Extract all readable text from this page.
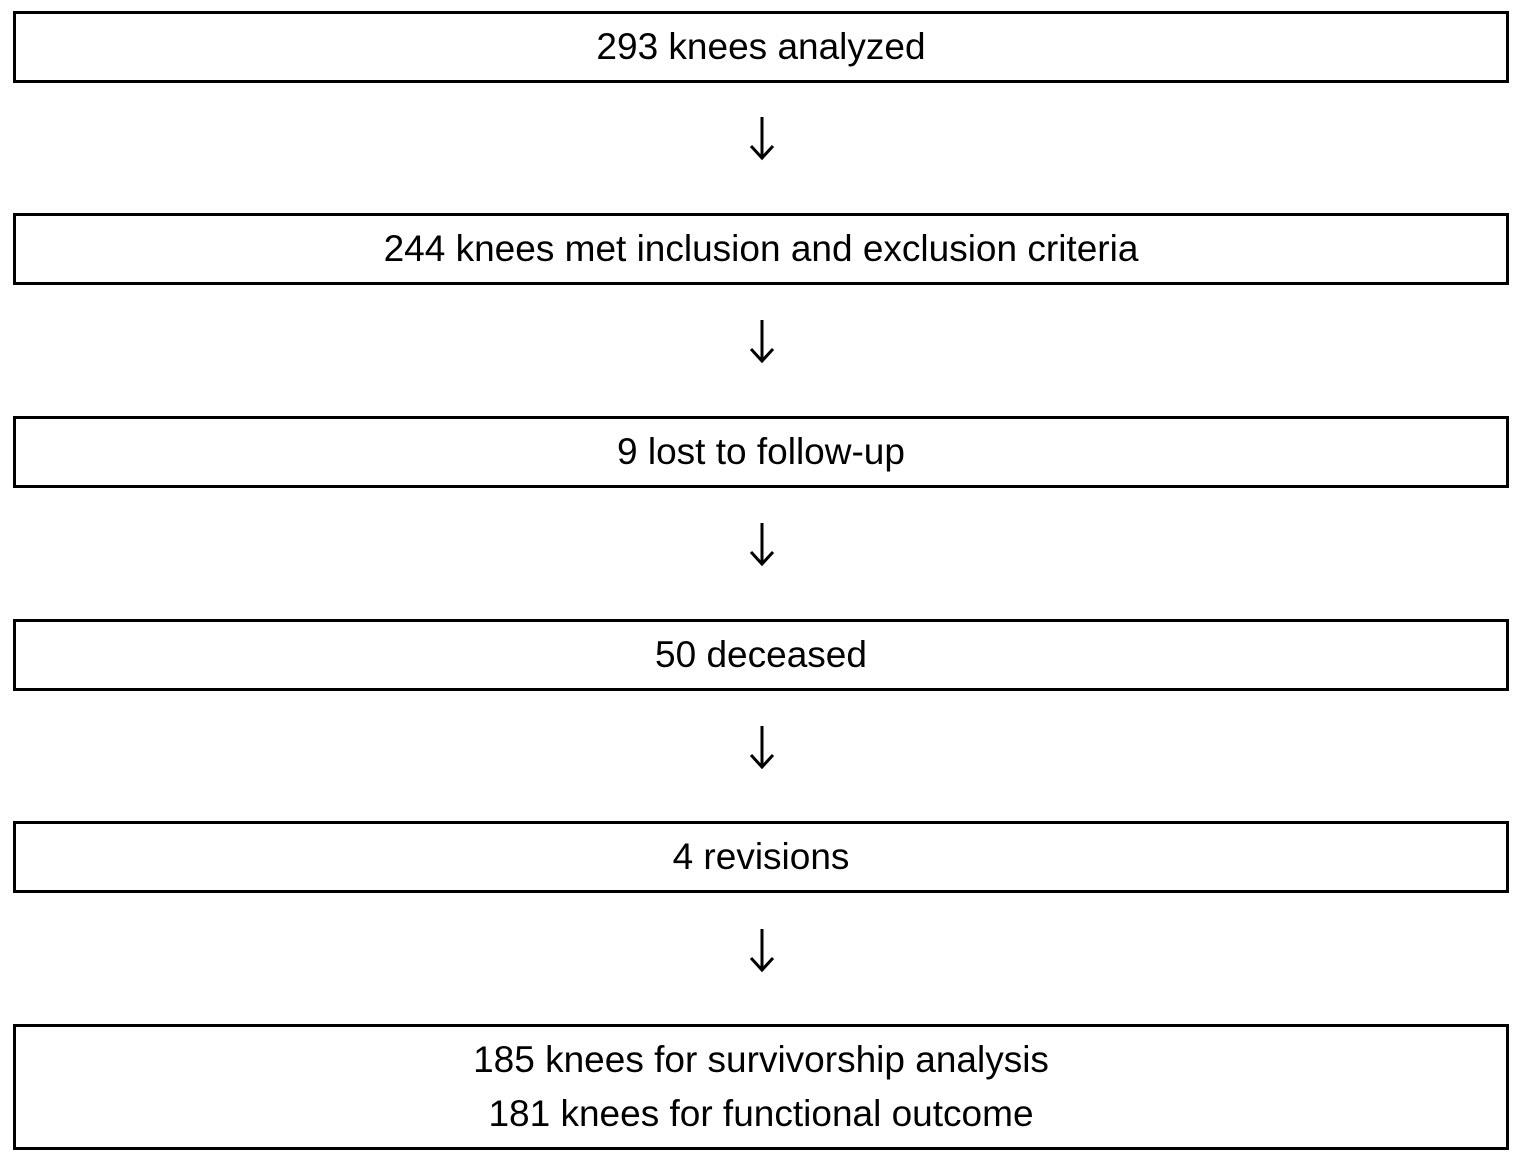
293 knees analyzed
244 knees met inclusion and exclusion criteria
9 lost to follow-up
50 deceased
4 revisions
185 knees for survivorship analysis
181 knees for functional outcome
